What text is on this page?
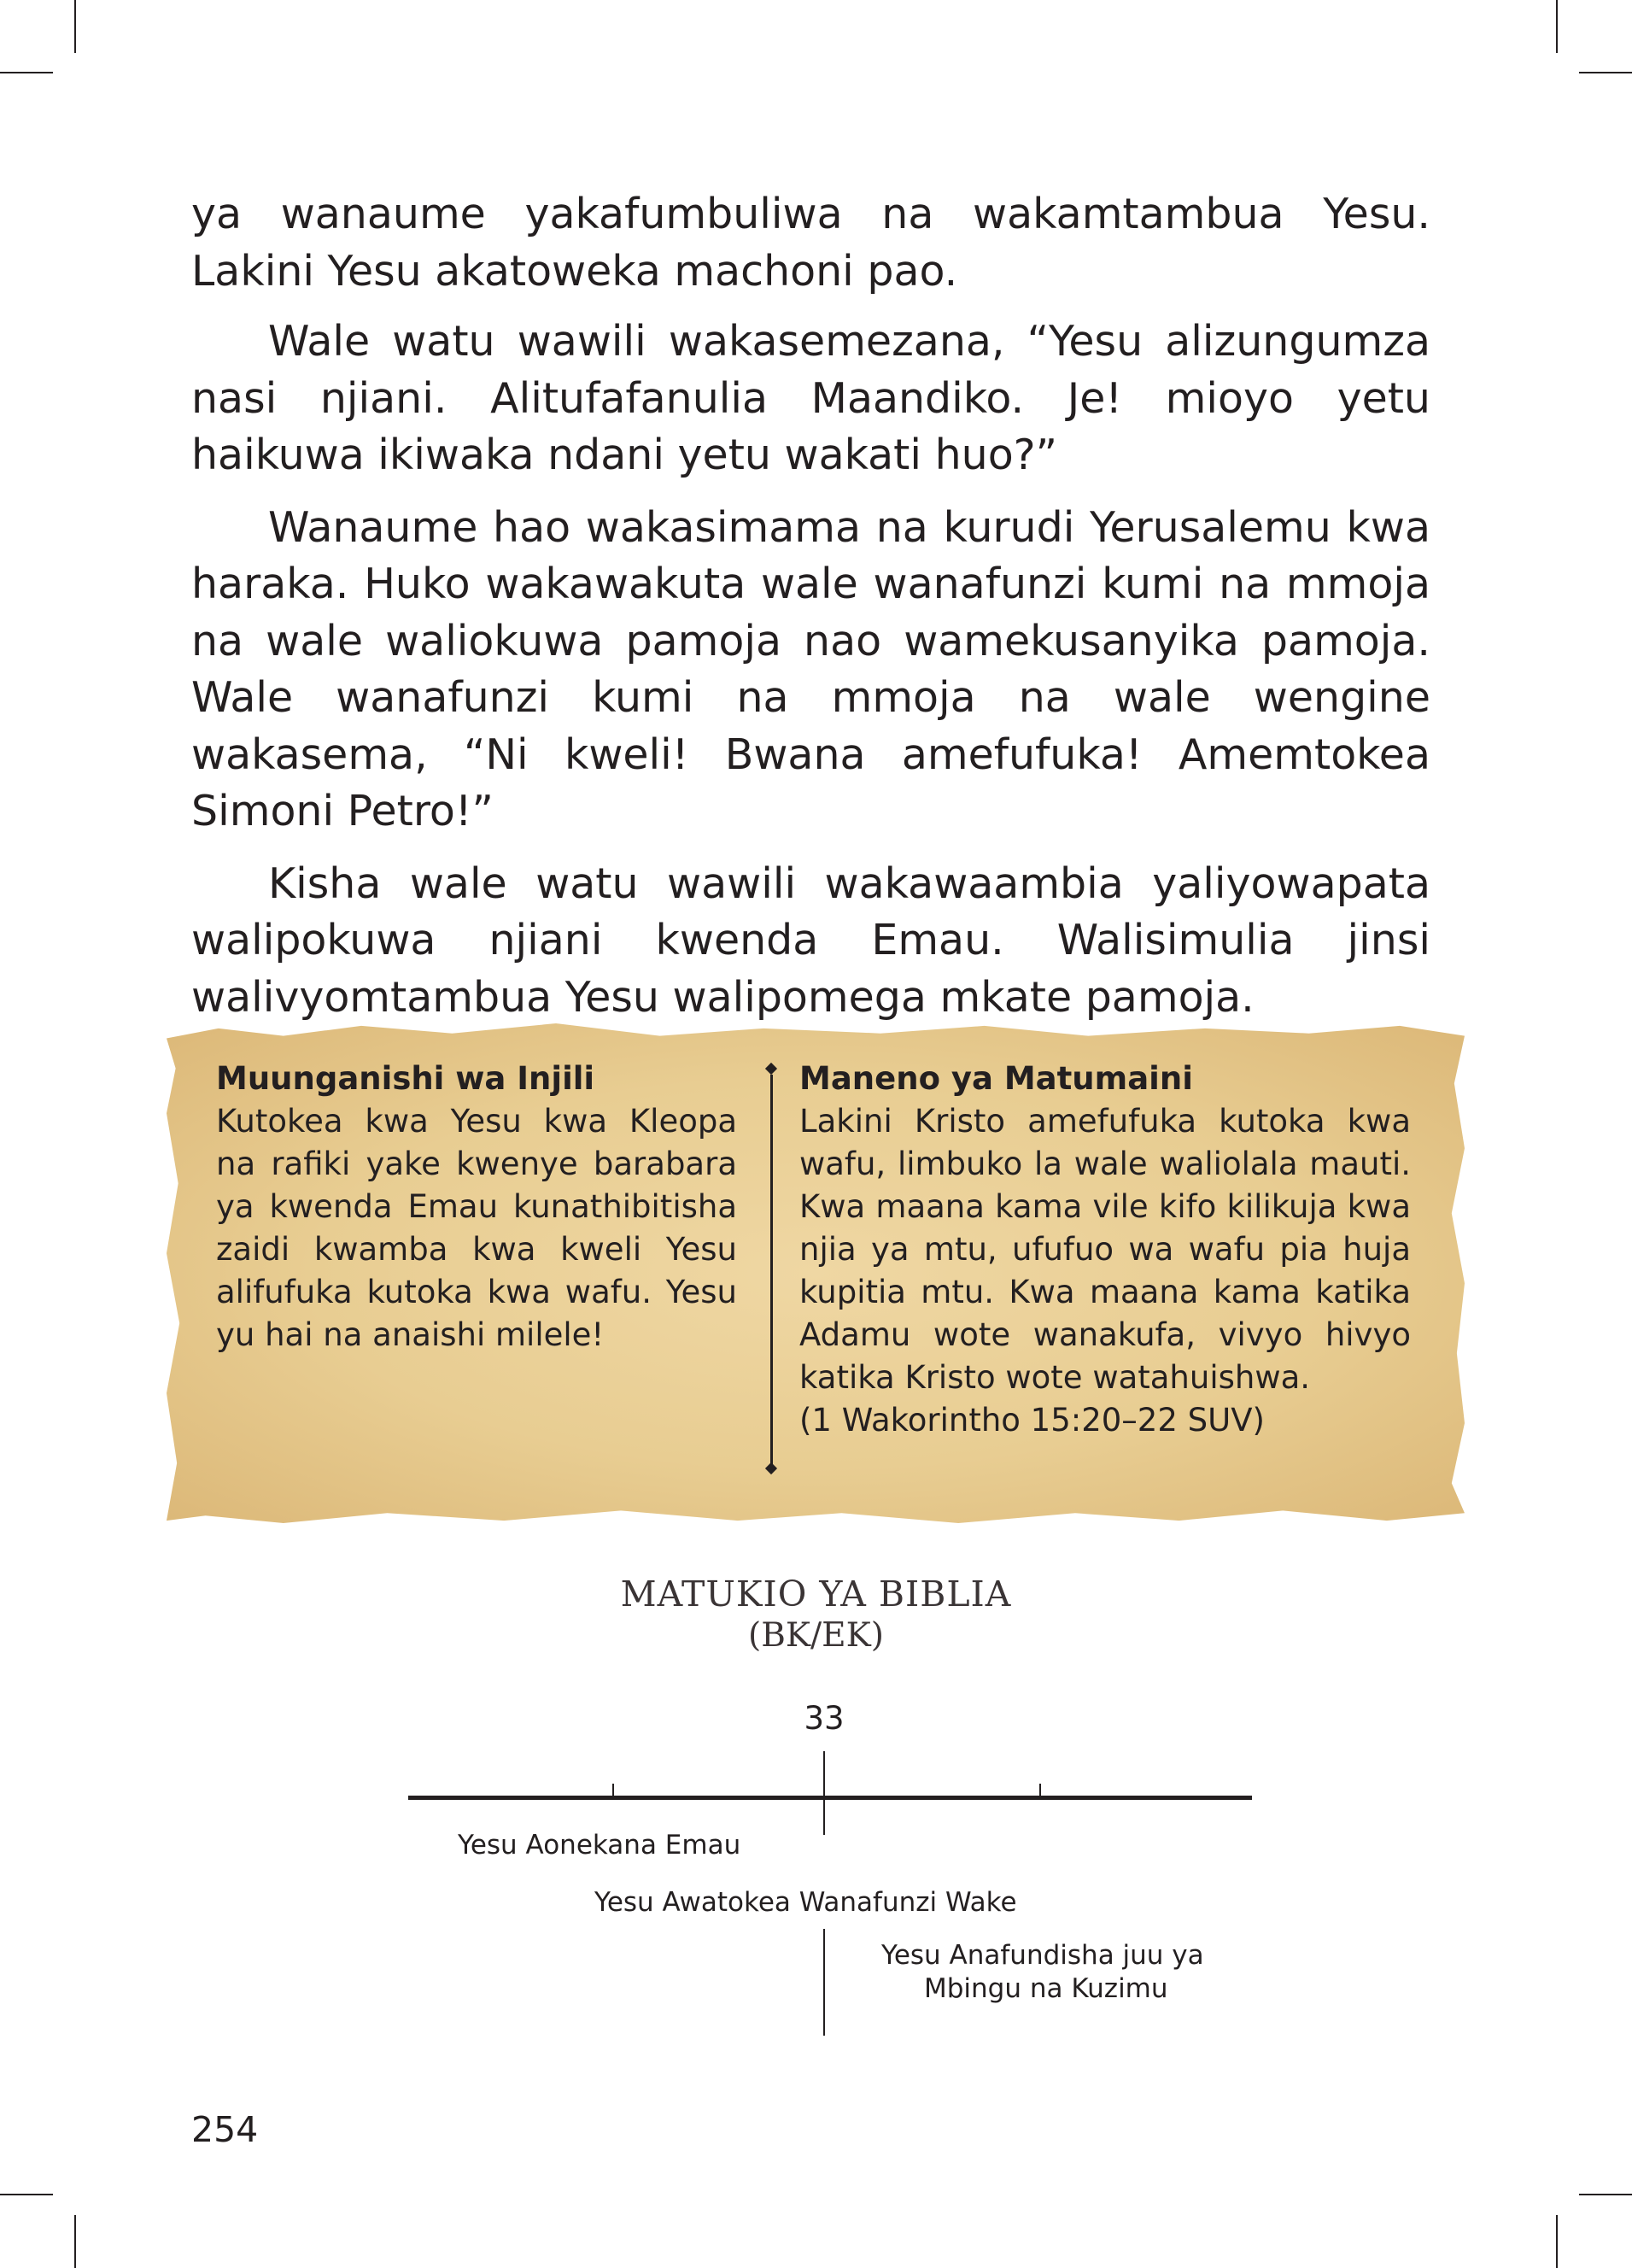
ya wanaume yakafumbuliwa na wakamtambua Yesu. Lakini Yesu akatoweka machoni pao.

Wale watu wawili wakasemezana, “Yesu alizungumza nasi njiani. Alitufafanulia Maandiko. Je! mioyo yetu haikuwa ikiwaka ndani yetu wakati huo?”

Wanaume hao wakasimama na kurudi Yerusalemu kwa haraka. Huko wakawakuta wale wanafunzi kumi na mmoja na wale waliokuwa pamoja nao wamekusanyika pamoja. Wale wanafunzi kumi na mmoja na wale wengine wakasema, “Ni kweli! Bwana amefufuka! Amemtokea Simoni Petro!”

Kisha wale watu wawili wakawaambia yaliyowapata walipokuwa njiani kwenda Emau. Walisimulia jinsi walivyomtambua Yesu walipomega mkate pamoja.

Muunganishi wa Injili
Kutokea kwa Yesu kwa Kleopa na rafiki yake kwenye barabara ya kwenda Emau kunathibitisha zaidi kwamba kwa kweli Yesu alifufuka kutoka kwa wafu. Yesu yu hai na anaishi milele!
Maneno ya Matumaini
Lakini Kristo amefufuka kutoka kwa wafu, limbuko la wale waliolala mauti. Kwa maana kama vile kifo kilikuja kwa njia ya mtu, ufufuo wa wafu pia huja kupitia mtu. Kwa maana kama katika Adamu wote wanakufa, vivyo hivyo katika Kristo wote watahuishwa.
(1 Wakorintho 15:20–22 SUV)
MATUKIO YA BIBLIA
(BK/EK)
33
Yesu Aonekana Emau
Yesu Awatokea Wanafunzi Wake
Yesu Anafundisha juu ya
Mbingu na Kuzimu
254
